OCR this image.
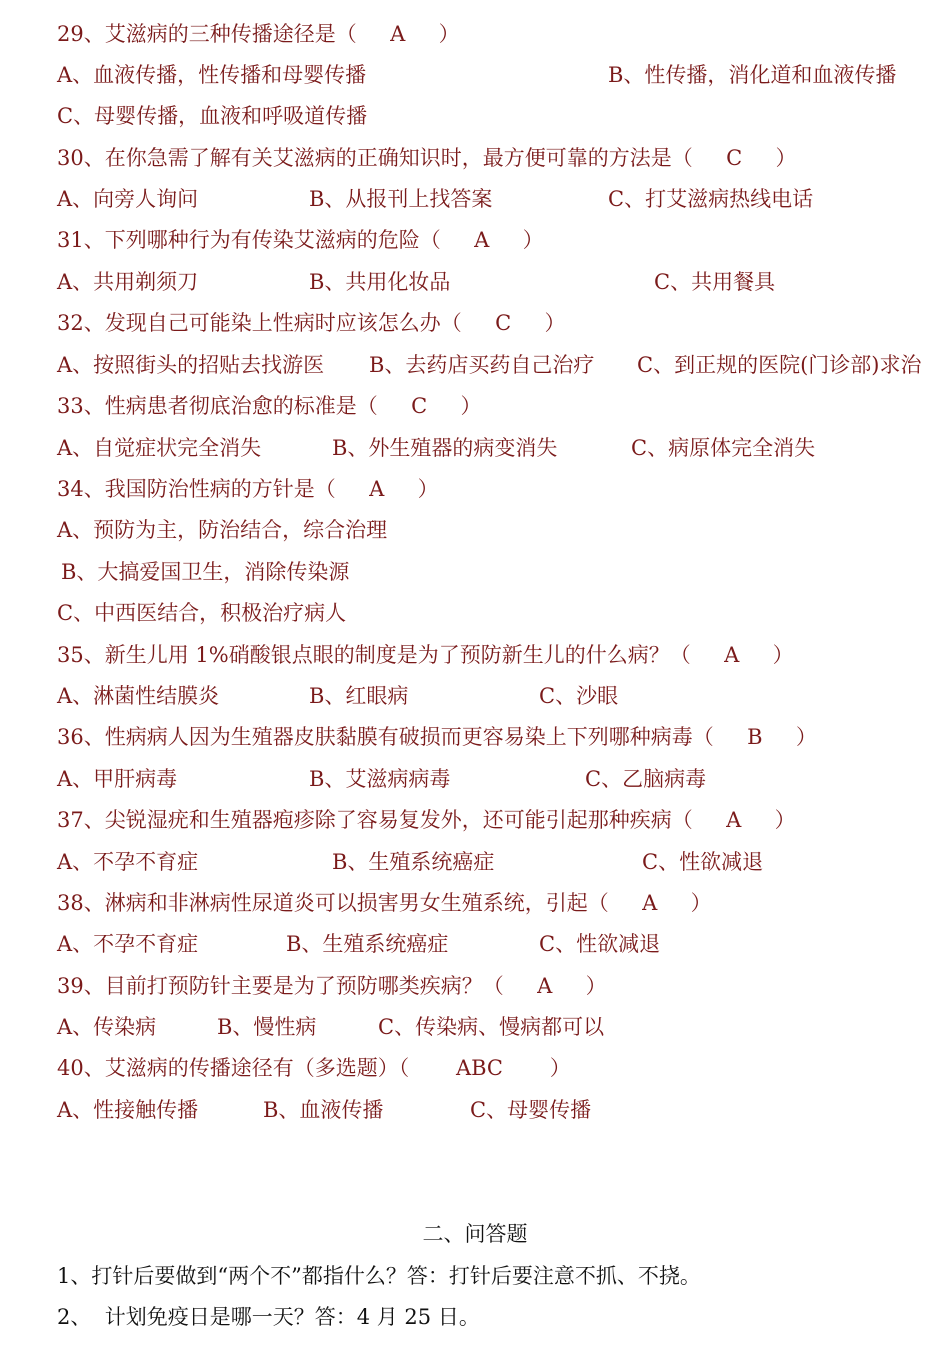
29、艾滋病的三种传播途径是（     A     ）

A、血液传播，性传播和母婴传播

	B、性传播，消化道和血液传播

C、母婴传播，血液和呼吸道传播
30、在你急需了解有关艾滋病的正确知识时，最方便可靠的方法是（     C     ）

A、向旁人询问

	B、从报刊上找答案

	C、打艾滋病热线电话

31、下列哪种行为有传染艾滋病的危险（     A     ）

A、共用剃须刀

	B、共用化妆品

	C、共用餐具

32、发现自己可能染上性病时应该怎么办（     C     ）

A、按照街头的招贴去找游医

B、去药店买药自己治疗

C、到正规的医院(门诊部)求治

33、性病患者彻底治愈的标准是（     C     ）

A、自觉症状完全消失

	B、外生殖器的病变消失

	C、病原体完全消失

34、我国防治性病的方针是（     A     ）
A、预防为主，防治结合，综合治理
B、大搞爱国卫生，消除传染源
C、中西医结合，积极治疗病人
35、新生儿用 1%硝酸银点眼的制度是为了预防新生儿的什么病？（     A     ）

A、淋菌性结膜炎

	B、红眼病

	C、沙眼

36、性病病人因为生殖器皮肤黏膜有破损而更容易染上下列哪种病毒（     B     ）

A、甲肝病毒

	B、艾滋病病毒

	C、乙脑病毒

37、尖锐湿疣和生殖器疱疹除了容易复发外，还可能引起那种疾病（     A     ）

A、不孕不育症

	B、生殖系统癌症

	C、性欲减退

38、淋病和非淋病性尿道炎可以损害男女生殖系统，引起（     A     ）

A、不孕不育症

	B、生殖系统癌症

	C、性欲减退

39、目前打预防针主要是为了预防哪类疾病？（     A     ）

A、传染病

	B、慢性病

	C、传染病、慢病都可以

40、艾滋病的传播途径有（多选题）（       ABC       ）

A、性接触传播

	B、血液传播

	C、母婴传播

二、问答题
1、打针后要做到“两个不”都指什么？答：打针后要注意不抓、不挠。
2、  计划免疫日是哪一天？答：4 月 25 日。
